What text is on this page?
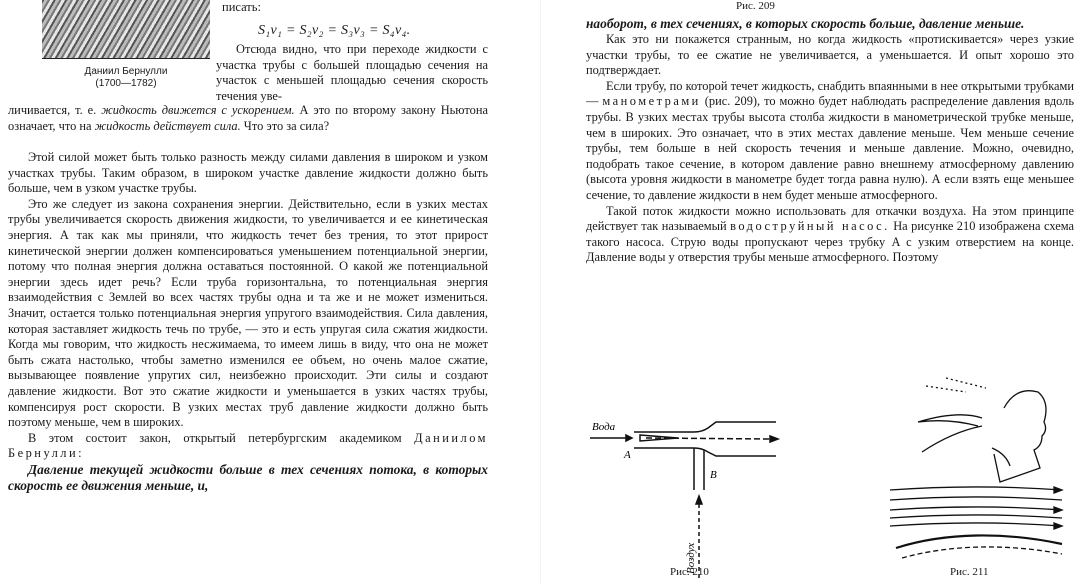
Даниил Бернулли
(1700—1782)
писать:
S₁v₁ = S₂v₂ = S₃v₃ = S₄v₄.

Отсюда видно, что при переходе жидкости с участка трубы с большей площадью сечения на участок с меньшей площадью сечения скорость течения уве-

личивается, т. е. жидкость движется с ускорением. А это по второму закону Ньютона означает, что на жидкость действует сила. Что это за сила?

Этой силой может быть только разность между силами давления в широком и узком участках трубы. Таким образом, в широком участке давление жидкости должно быть больше, чем в узком участке трубы.

Это же следует из закона сохранения энергии. Действительно, если в узких местах трубы увеличивается скорость движения жидкости, то увеличивается и ее кинетическая энергия. А так как мы приняли, что жидкость течет без трения, то этот прирост кинетической энергии должен компенсироваться уменьшением потенциальной энергии, потому что полная энергия должна оставаться постоянной. О какой же потенциальной энергии здесь идет речь? Если труба горизонтальна, то потенциальная энергия взаимодействия с Землей во всех частях трубы одна и та же и не может измениться. Значит, остается только потенциальная энергия упругого взаимодействия. Сила давления, которая заставляет жидкость течь по трубе, — это и есть упругая сила сжатия жидкости. Когда мы говорим, что жидкость несжимаема, то имеем лишь в виду, что она не может быть сжата настолько, чтобы заметно изменился ее объем, но очень малое сжатие, вызывающее появление упругих сил, неизбежно происходит. Эти силы и создают давление жидкости. Вот это сжатие жидкости и уменьшается в узких частях трубы, компенсируя рост скорости. В узких местах труб давление жидкости должно быть поэтому меньше, чем в широких.

В этом состоит закон, открытый петербургским академиком Даниилом Бернулли:

Давление текущей жидкости больше в тех сечениях потока, в которых скорость ее движения меньше, и,

Рис. 209

наоборот, в тех сечениях, в которых скорость больше, давление меньше.

Как это ни покажется странным, но когда жидкость «протискивается» через узкие участки трубы, то ее сжатие не увеличивается, а уменьшается. И опыт хорошо это подтверждает.

Если трубу, по которой течет жидкость, снабдить впаянными в нее открытыми трубками — манометрами (рис. 209), то можно будет наблюдать распределение давления вдоль трубы. В узких местах трубы высота столба жидкости в манометрической трубке меньше, чем в широких. Это означает, что в этих местах давление меньше. Чем меньше сечение трубы, тем больше в ней скорость течения и меньше давление. Можно, очевидно, подобрать такое сечение, в котором давление равно внешнему атмосферному давлению (высота уровня жидкости в манометре будет тогда равна нулю). А если взять еще меньшее сечение, то давление жидкости в нем будет меньше атмосферного.

Такой поток жидкости можно использовать для откачки воздуха. На этом принципе действует так называемый водоструйный насос. На рисунке 210 изображена схема такого насоса. Струю воды пропускают через трубку A с узким отверстием на конце. Давление воды у отверстия трубы меньше атмосферного. Поэтому

Вода
A
B
Воздух
Рис. 210	Рис. 211
